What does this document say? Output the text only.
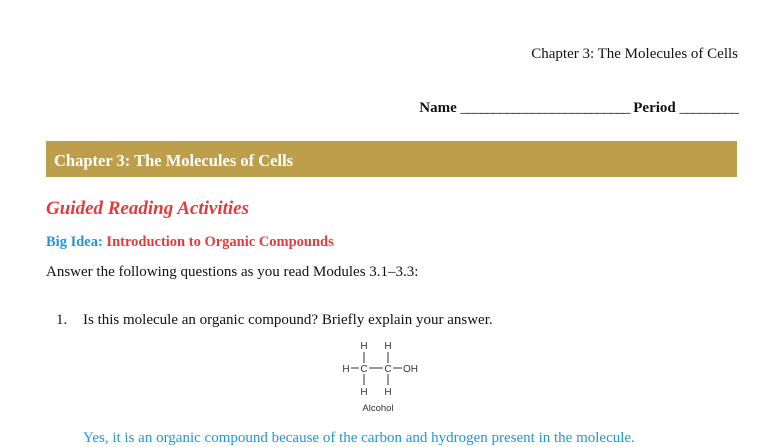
Chapter 3: The Molecules of Cells
Name __________________________ Period _________
Chapter 3: The Molecules of Cells
Guided Reading Activities
Big Idea: Introduction to Organic Compounds
Answer the following questions as you read Modules 3.1–3.3:
1. Is this molecule an organic compound? Briefly explain your answer.
H H
H C C OH
H H
Alcohol
Yes, it is an organic compound because of the carbon and hydrogen present in the molecule.
